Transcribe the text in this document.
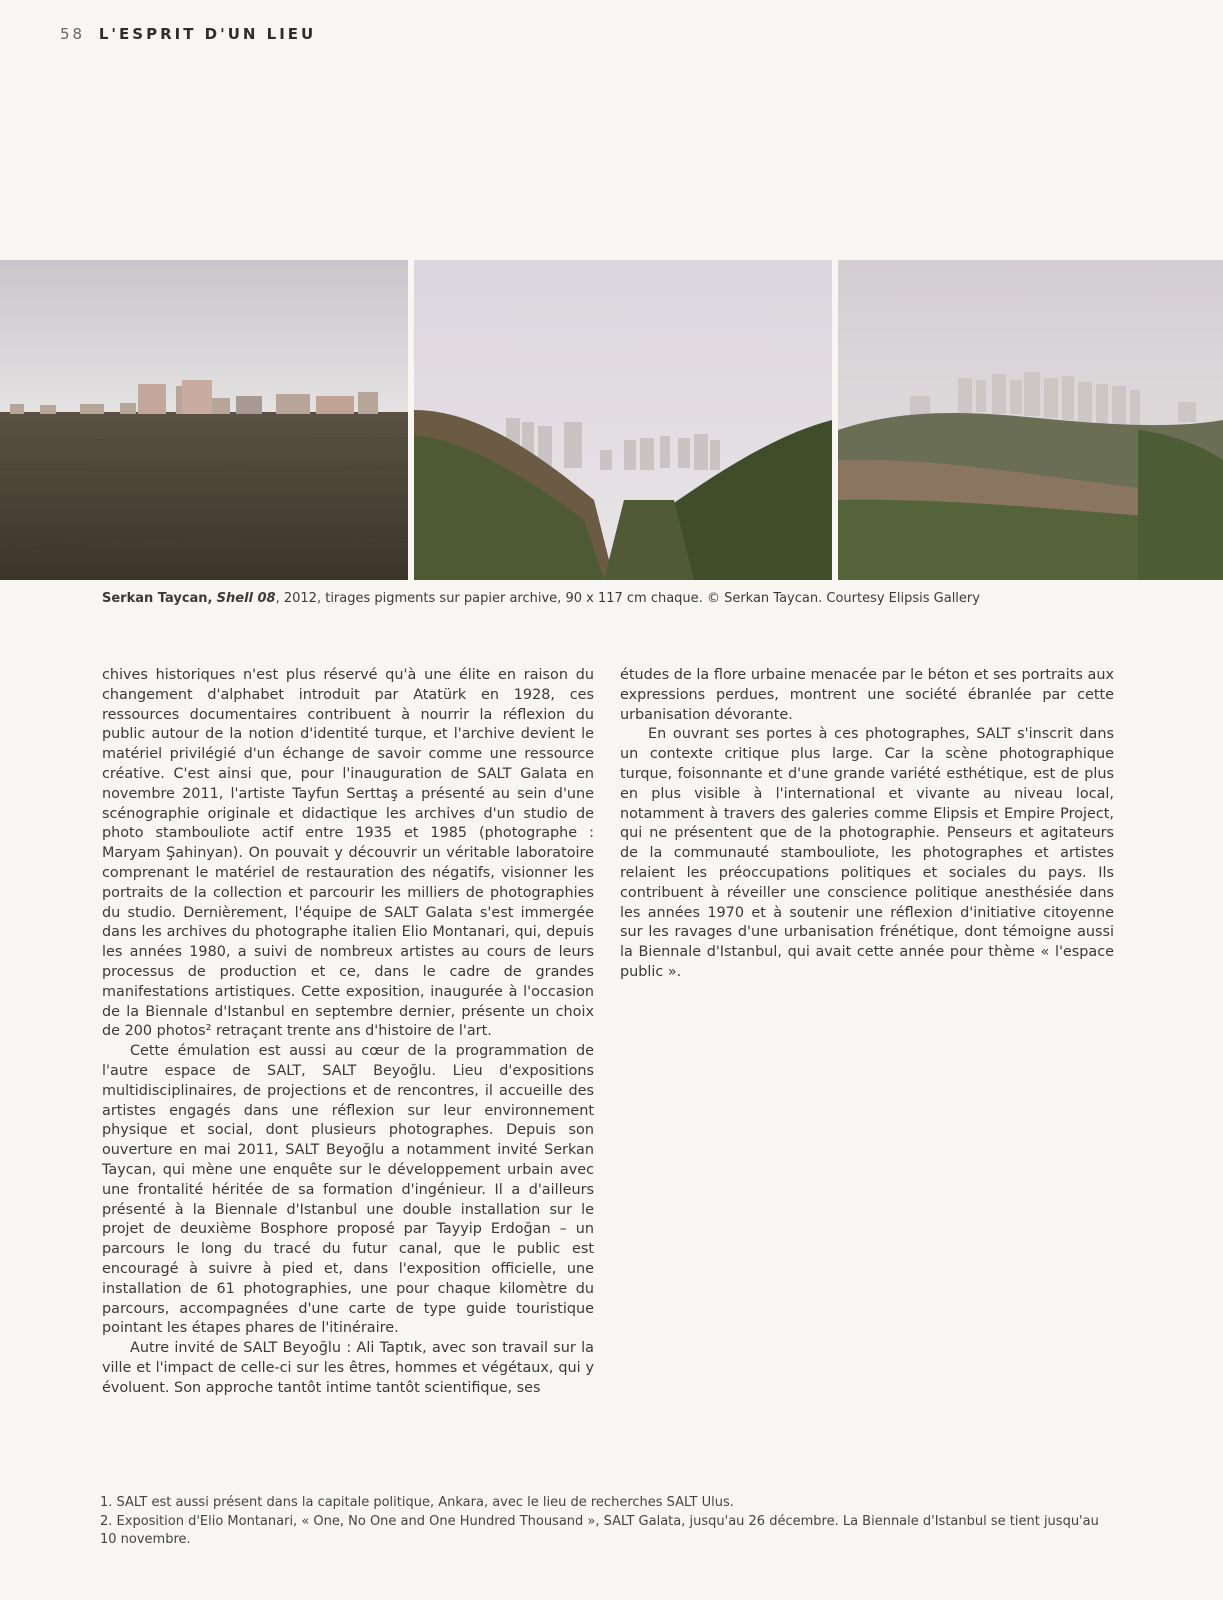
58 L'ESPRIT D'UN LIEU
Serkan Taycan, Shell 08, 2012, tirages pigments sur papier archive, 90 x 117 cm chaque. © Serkan Taycan. Courtesy Elipsis Gallery

chives historiques n'est plus réservé qu'à une élite en raison du changement d'alphabet introduit par Atatürk en 1928, ces ressources documentaires contribuent à nourrir la réflexion du public autour de la notion d'identité turque, et l'archive devient le matériel privilégié d'un échange de savoir comme une ressource créative. C'est ainsi que, pour l'inauguration de SALT Galata en novembre 2011, l'artiste Tayfun Serttaş a présenté au sein d'une scénographie originale et didactique les archives d'un studio de photo stambouliote actif entre 1935 et 1985 (photographe : Maryam Şahinyan). On pouvait y découvrir un véritable laboratoire comprenant le matériel de restauration des négatifs, visionner les portraits de la collection et parcourir les milliers de photographies du studio. Dernièrement, l'équipe de SALT Galata s'est immergée dans les archives du photographe italien Elio Montanari, qui, depuis les années 1980, a suivi de nombreux artistes au cours de leurs processus de production et ce, dans le cadre de grandes manifestations artistiques. Cette exposition, inaugurée à l'occasion de la Biennale d'Istanbul en septembre dernier, présente un choix de 200 photos² retraçant trente ans d'histoire de l'art.

Cette émulation est aussi au cœur de la programmation de l'autre espace de SALT, SALT Beyoğlu. Lieu d'expositions multidisciplinaires, de projections et de rencontres, il accueille des artistes engagés dans une réflexion sur leur environnement physique et social, dont plusieurs photographes. Depuis son ouverture en mai 2011, SALT Beyoğlu a notamment invité Serkan Taycan, qui mène une enquête sur le développement urbain avec une frontalité héritée de sa formation d'ingénieur. Il a d'ailleurs présenté à la Biennale d'Istanbul une double installation sur le projet de deuxième Bosphore proposé par Tayyip Erdoğan – un parcours le long du tracé du futur canal, que le public est encouragé à suivre à pied et, dans l'exposition officielle, une installation de 61 photographies, une pour chaque kilomètre du parcours, accompagnées d'une carte de type guide touristique pointant les étapes phares de l'itinéraire.

Autre invité de SALT Beyoğlu : Ali Taptık, avec son travail sur la ville et l'impact de celle-ci sur les êtres, hommes et végétaux, qui y évoluent. Son approche tantôt intime tantôt scientifique, ses

études de la flore urbaine menacée par le béton et ses portraits aux expressions perdues, montrent une société ébranlée par cette urbanisation dévorante.

En ouvrant ses portes à ces photographes, SALT s'inscrit dans un contexte critique plus large. Car la scène photographique turque, foisonnante et d'une grande variété esthétique, est de plus en plus visible à l'international et vivante au niveau local, notamment à travers des galeries comme Elipsis et Empire Project, qui ne présentent que de la photographie. Penseurs et agitateurs de la communauté stambouliote, les photographes et artistes relaient les préoccupations politiques et sociales du pays. Ils contribuent à réveiller une conscience politique anesthésiée dans les années 1970 et à soutenir une réflexion d'initiative citoyenne sur les ravages d'une urbanisation frénétique, dont témoigne aussi la Biennale d'Istanbul, qui avait cette année pour thème « l'espace public ».

1. SALT est aussi présent dans la capitale politique, Ankara, avec le lieu de recherches SALT Ulus.

2. Exposition d'Elio Montanari, « One, No One and One Hundred Thousand », SALT Galata, jusqu'au 26 décembre. La Biennale d'Istanbul se tient jusqu'au 10 novembre.
